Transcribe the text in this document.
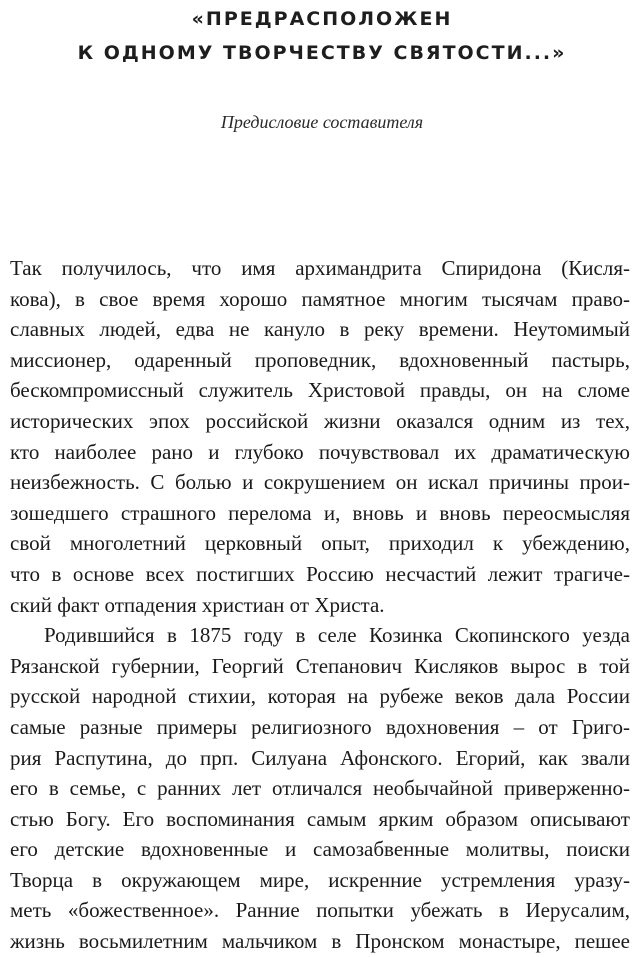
«ПРЕДРАСПОЛОЖЕН
К ОДНОМУ ТВОРЧЕСТВУ СВЯТОСТИ...»
Предисловие составителя
Так получилось, что имя архимандрита Спиридона (Кисля-
кова), в свое время хорошо памятное многим тысячам право-
славных людей, едва не кануло в реку времени. Неутомимый
миссионер, одаренный проповедник, вдохновенный пастырь,
бескомпромиссный служитель Христовой правды, он на сломе
исторических эпох российской жизни оказался одним из тех,
кто наиболее рано и глубоко почувствовал их драматическую
неизбежность. С болью и сокрушением он искал причины прои-
зошедшего страшного перелома и, вновь и вновь переосмысляя
свой многолетний церковный опыт, приходил к убеждению,
что в основе всех постигших Россию несчастий лежит трагиче-
ский факт отпадения христиан от Христа.
Родившийся в 1875 году в селе Козинка Скопинского уезда
Рязанской губернии, Георгий Степанович Кисляков вырос в той
русской народной стихии, которая на рубеже веков дала России
самые разные примеры религиозного вдохновения – от Григо-
рия Распутина, до прп. Силуана Афонского. Егорий, как звали
его в семье, с ранних лет отличался необычайной приверженно-
стью Богу. Его воспоминания самым ярким образом описывают
его детские вдохновенные и самозабвенные молитвы, поиски
Творца в окружающем мире, искренние устремления уразу-
меть «божественное». Ранние попытки убежать в Иерусалим,
жизнь восьмилетним мальчиком в Пронском монастыре, пешее
